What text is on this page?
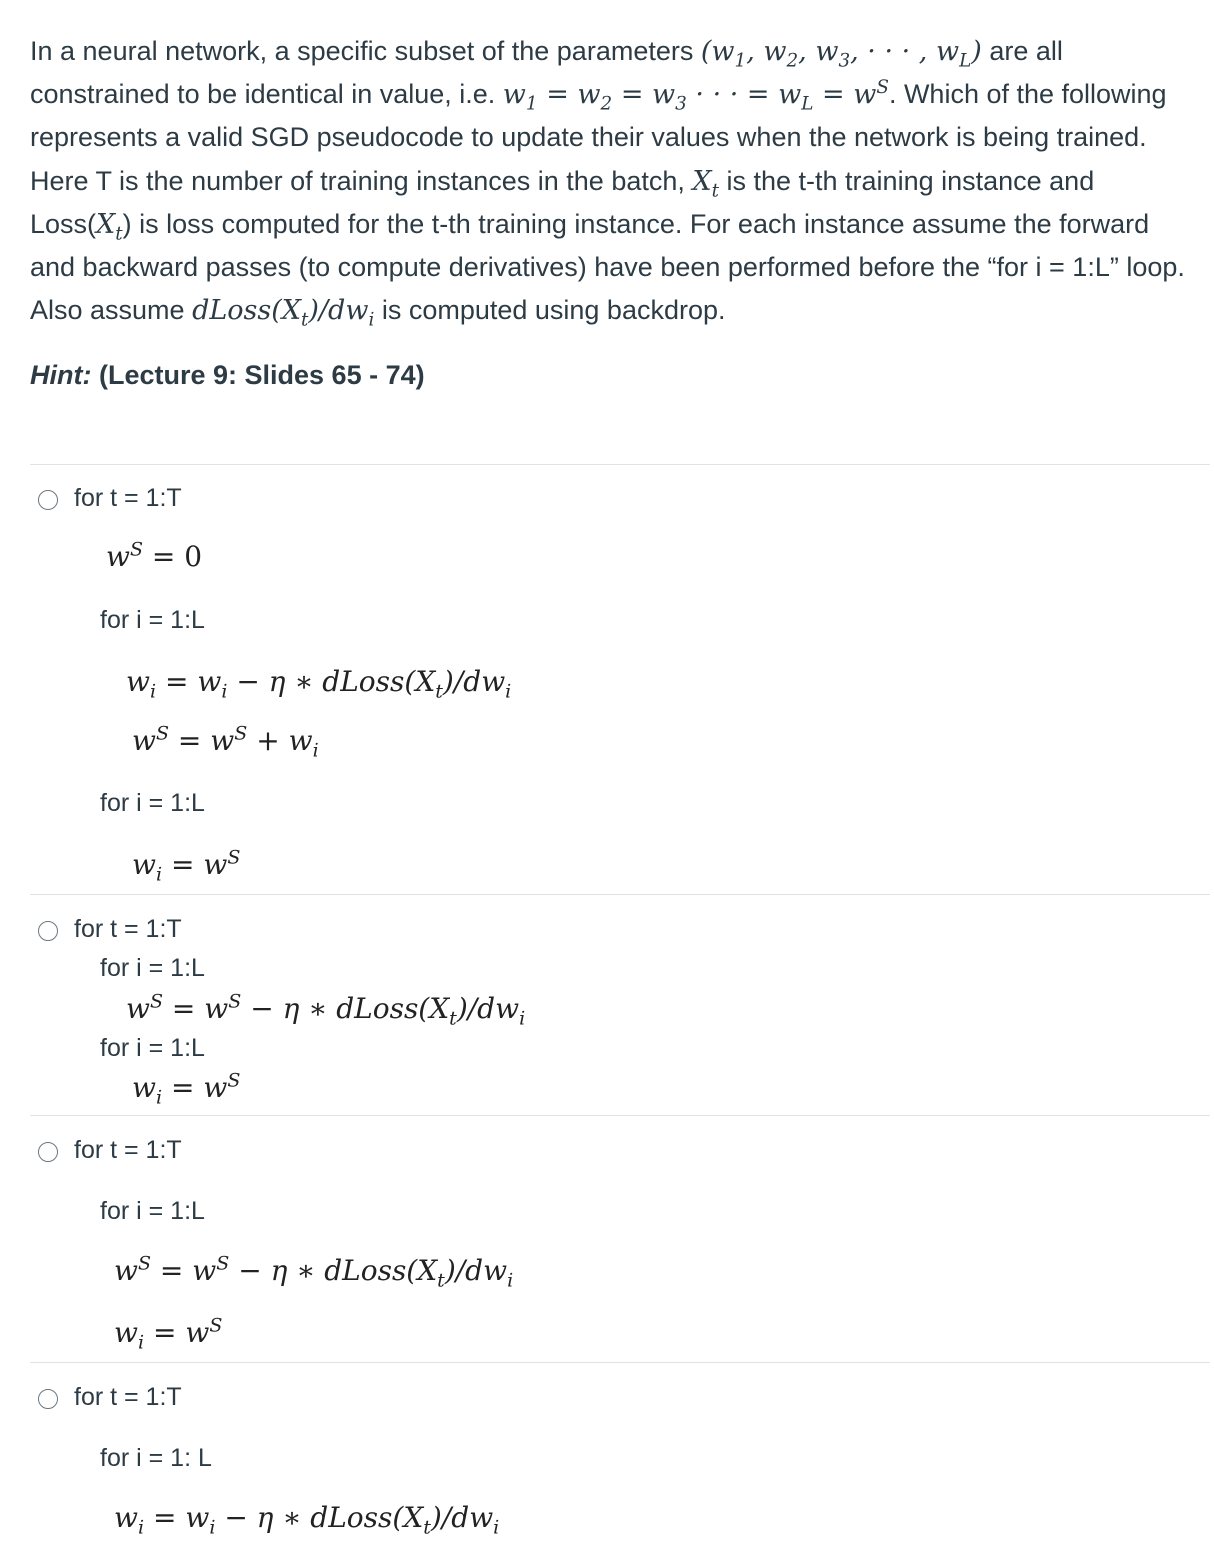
In a neural network, a specific subset of the parameters ($w_1$, $w_2$, $w_3$, · · · , $w_L$) are all constrained to be identical in value, i.e. $w_1 = w_2 = w_3$ · · · = $w_L = w^S$. Which of the following represents a valid SGD pseudocode to update their values when the network is being trained. Here T is the number of training instances in the batch, $X_t$ is the t-th training instance and $Loss(X_t)$ is loss computed for the t-th training instance. For each instance assume the forward and backward passes (to compute derivatives) have been performed before the “for i = 1:L” loop. Also assume $dLoss(X_t)/dw_i$ is computed using backdrop.

Hint: (Lecture 9: Slides 65 - 74)
for t = 1:T
$w^S = 0$
for i = 1:L
$w_i = w_i - \eta$ ∗ $dLoss(X_t)/dw_i$
$w^S = w^S + w_i$
for i = 1:L
$w_i = w^S$
for t = 1:T
for i = 1:L
$w^S = w^S - \eta$ ∗ $dLoss(X_t)/dw_i$
for i = 1:L
$w_i = w^S$
for t = 1:T
for i = 1:L
$w^S = w^S - \eta$ ∗ $dLoss(X_t)/dw_i$
$w_i = w^S$
for t = 1:T
for i = 1: L
$w_i = w_i - \eta$ ∗ $dLoss(X_t)/dw_i$
